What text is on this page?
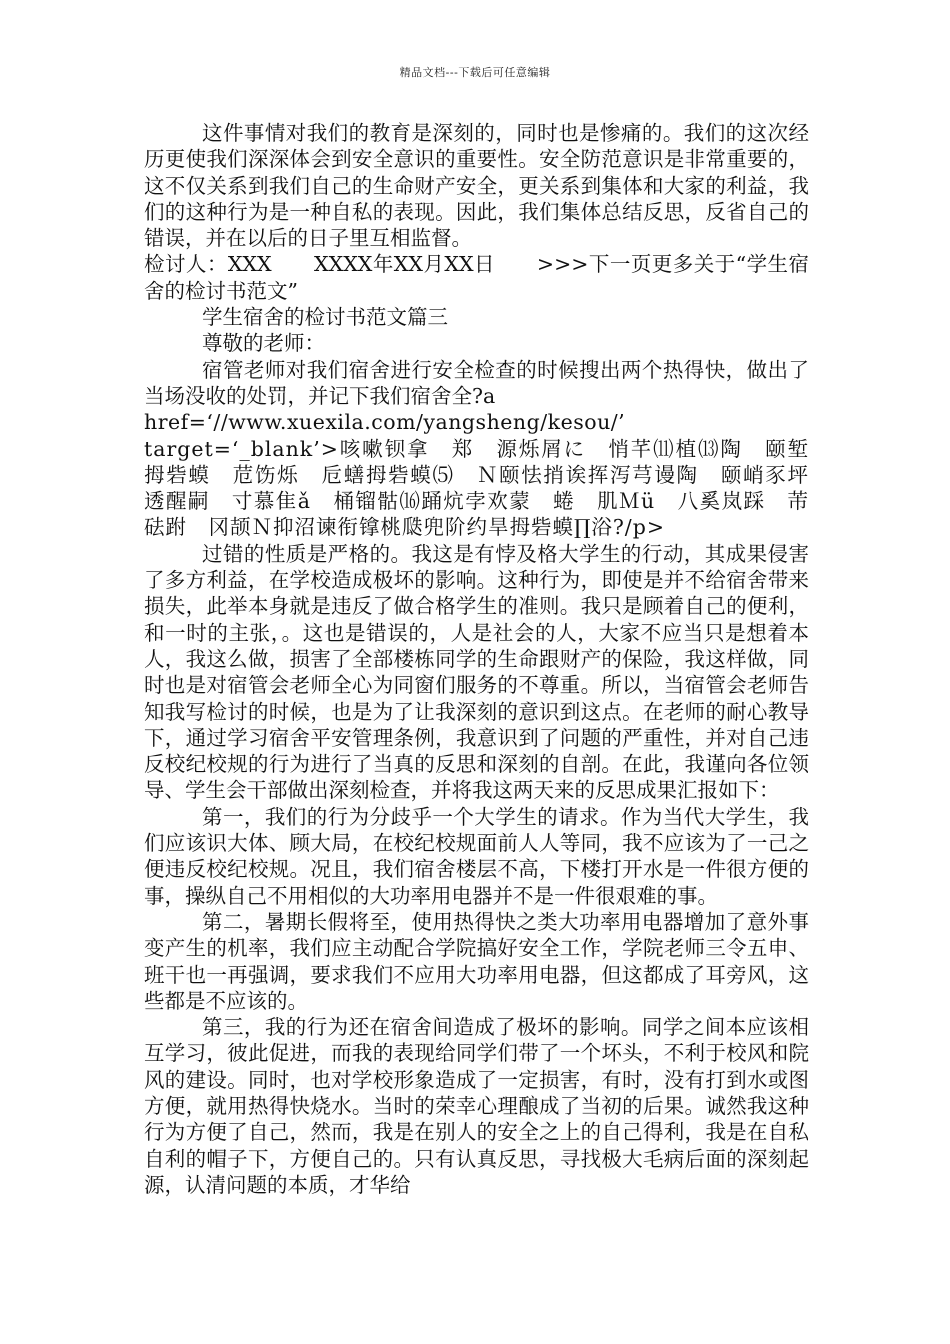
精品文档---下载后可任意编辑

这件事情对我们的教育是深刻的，同时也是惨痛的。我们的这次经历更使我们深深体会到安全意识的重要性。安全防范意识是非常重要的，这不仅关系到我们自己的生命财产安全，更关系到集体和大家的利益，我们的这种行为是一种自私的表现。因此，我们集体总结反思，反省自己的错误，并在以后的日子里互相监督。

检讨人：XXX　　XXXX年XX月XX日　　>>>下一页更多关于“学生宿舍的检讨书范文”

学生宿舍的检讨书范文篇三

尊敬的老师：

宿管老师对我们宿舍进行安全检查的时候搜出两个热得快，做出了当场没收的处罚，并记下我们宿舍全?a

href=‘//www.xuexila.com/yangsheng/kesou/’

target=‘_blank’>咳嗽钡拿　郑　源烁屑に　悄芊⑾植⒀陶　颐堑拇砦蟆　苊饬烁　卮蟮拇砦蟆⑸　Ｎ颐怯捎诶挥泻芎谩陶　颐峭豕坪透醒嗣　寸慕隹ǎ　桶镏骷⒃踊炕孛欢蒙　蜷　肌Ｍü　八奚岚踩　芾砝跗　冈颉Ｎ抑沼谏衔镎桃瓞兜阶约旱拇砦蟆∏浴?/p>

过错的性质是严格的。我这是有悖及格大学生的行动，其成果侵害了多方利益，在学校造成极坏的影响。这种行为，即使是并不给宿舍带来损失，此举本身就是违反了做合格学生的准则。我只是顾着自己的便利，和一时的主张，。这也是错误的，人是社会的人，大家不应当只是想着本人，我这么做，损害了全部楼栋同学的生命跟财产的保险，我这样做，同时也是对宿管会老师全心为同窗们服务的不尊重。所以，当宿管会老师告知我写检讨的时候，也是为了让我深刻的意识到这点。在老师的耐心教导下，通过学习宿舍平安管理条例，我意识到了问题的严重性，并对自己违反校纪校规的行为进行了当真的反思和深刻的自剖。在此，我谨向各位领导、学生会干部做出深刻检查，并将我这两天来的反思成果汇报如下：

第一，我们的行为分歧乎一个大学生的请求。作为当代大学生，我们应该识大体、顾大局，在校纪校规面前人人等同，我不应该为了一己之便违反校纪校规。况且，我们宿舍楼层不高，下楼打开水是一件很方便的事，操纵自己不用相似的大功率用电器并不是一件很艰难的事。

第二，暑期长假将至，使用热得快之类大功率用电器增加了意外事变产生的机率，我们应主动配合学院搞好安全工作，学院老师三令五申、班干也一再强调，要求我们不应用大功率用电器，但这都成了耳旁风，这些都是不应该的。

第三，我的行为还在宿舍间造成了极坏的影响。同学之间本应该相互学习，彼此促进，而我的表现给同学们带了一个坏头，不利于校风和院风的建设。同时，也对学校形象造成了一定损害，有时，没有打到水或图方便，就用热得快烧水。当时的荣幸心理酿成了当初的后果。诚然我这种行为方便了自己，然而，我是在别人的安全之上的自己得利，我是在自私自利的帽子下，方便自己的。只有认真反思，寻找极大毛病后面的深刻起源，认清问题的本质，才华给
